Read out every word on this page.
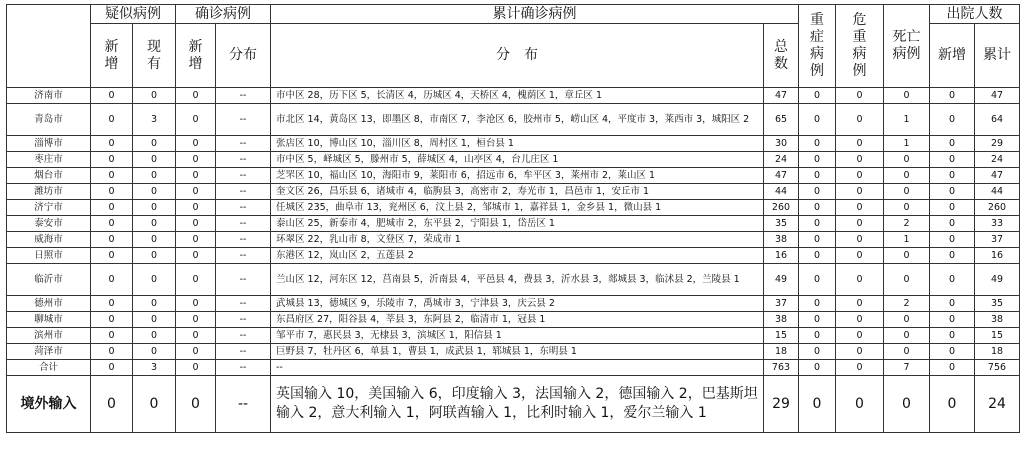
	疑似病例		确诊病例		累计确诊病例		重症病例	危重病例	死亡病例	出院人数	
	新增	现有	新增	分布	分　布	总数				新增	累计
济南市	0	0	0	--	市中区 28，历下区 5，长清区 4，历城区 4，天桥区 4，槐荫区 1，章丘区 1	47	0	0	0	0	47
青岛市	0	3	0	--	市北区 14，黄岛区 13，即墨区 8，市南区 7，李沧区 6，胶州市 5，崂山区 4，平度市 3，莱西市 3，城阳区 2	65	0	0	1	0	64
淄博市	0	0	0	--	张店区 10，博山区 10，淄川区 8，周村区 1，桓台县 1	30	0	0	1	0	29
枣庄市	0	0	0	--	市中区 5，峄城区 5，滕州市 5，薛城区 4，山亭区 4，台儿庄区 1	24	0	0	0	0	24
烟台市	0	0	0	--	芝罘区 10，福山区 10，海阳市 9，莱阳市 6，招远市 6，牟平区 3，莱州市 2，莱山区 1	47	0	0	0	0	47
潍坊市	0	0	0	--	奎文区 26，昌乐县 6，诸城市 4，临朐县 3，高密市 2，寿光市 1，昌邑市 1，安丘市 1	44	0	0	0	0	44
济宁市	0	0	0	--	任城区 235，曲阜市 13，兖州区 6，汶上县 2，邹城市 1，嘉祥县 1，金乡县 1，微山县 1	260	0	0	0	0	260
泰安市	0	0	0	--	泰山区 25，新泰市 4，肥城市 2，东平县 2，宁阳县 1，岱岳区 1	35	0	0	2	0	33
威海市	0	0	0	--	环翠区 22，乳山市 8，文登区 7，荣成市 1	38	0	0	1	0	37
日照市	0	0	0	--	东港区 12，岚山区 2，五莲县 2	16	0	0	0	0	16
临沂市	0	0	0	--	兰山区 12，河东区 12，莒南县 5，沂南县 4，平邑县 4，费县 3，沂水县 3，郯城县 3，临沭县 2，兰陵县 1	49	0	0	0	0	49
德州市	0	0	0	--	武城县 13，德城区 9，乐陵市 7，禹城市 3，宁津县 3，庆云县 2	37	0	0	2	0	35
聊城市	0	0	0	--	东昌府区 27，阳谷县 4，莘县 3，东阿县 2，临清市 1，冠县 1	38	0	0	0	0	38
滨州市	0	0	0	--	邹平市 7，惠民县 3，无棣县 3，滨城区 1，阳信县 1	15	0	0	0	0	15
菏泽市	0	0	0	--	巨野县 7，牡丹区 6，单县 1，曹县 1，成武县 1，郓城县 1，东明县 1	18	0	0	0	0	18
合计	0	3	0	--	--	763	0	0	7	0	756
境外输入	0	0	0	--	英国输入 10，美国输入 6，印度输入 3，法国输入 2，德国输入 2，巴基斯坦输入 2，意大利输入 1，阿联酋输入 1，比利时输入 1，爱尔兰输入 1	29	0	0	0	0	24
